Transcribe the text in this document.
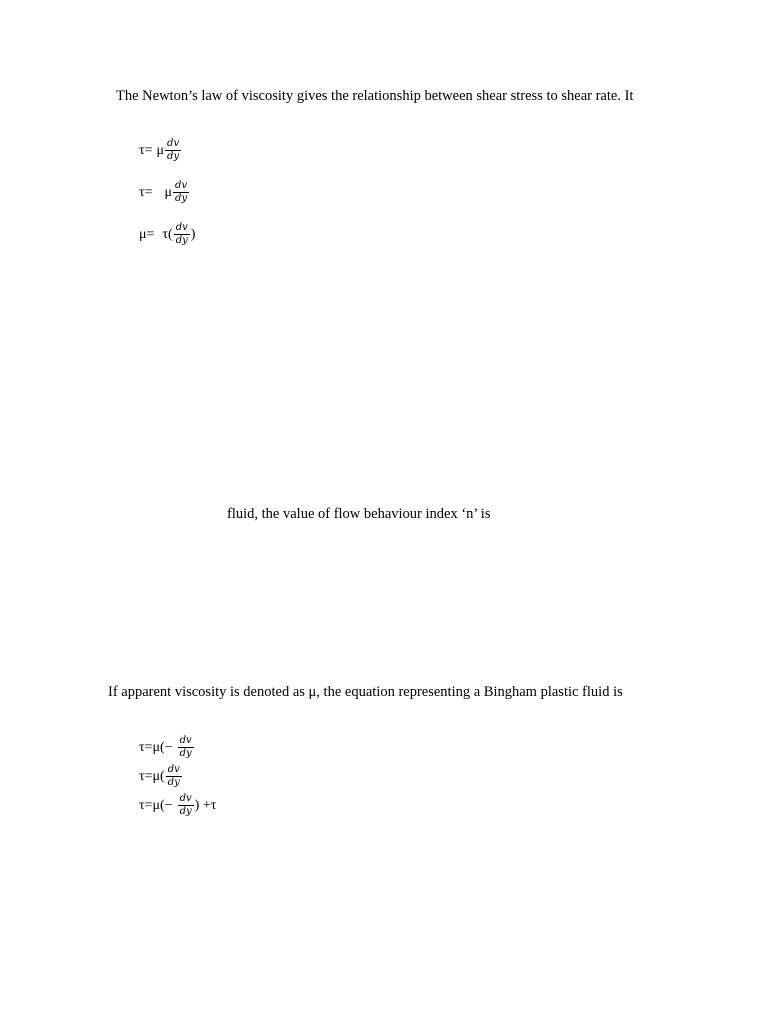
The Newton’s law of viscosity gives the relationship between shear stress to shear rate. It
τ= μ $\frac{dv}{dy}$
τ= μ $\frac{dv}{dy}$
$\mu= \tau( \frac{dv}{dy}$ )
fluid, the value of flow behaviour index ‘n’ is
If apparent viscosity is denoted as μ, the equation representing a Bingham plastic fluid is
$\tau= \mu(- \frac{dv}{dy}$
$\tau= \mu( \frac{dv}{dy}$
$\tau= \mu(- \frac{dv}{dy}$ ) +τ
